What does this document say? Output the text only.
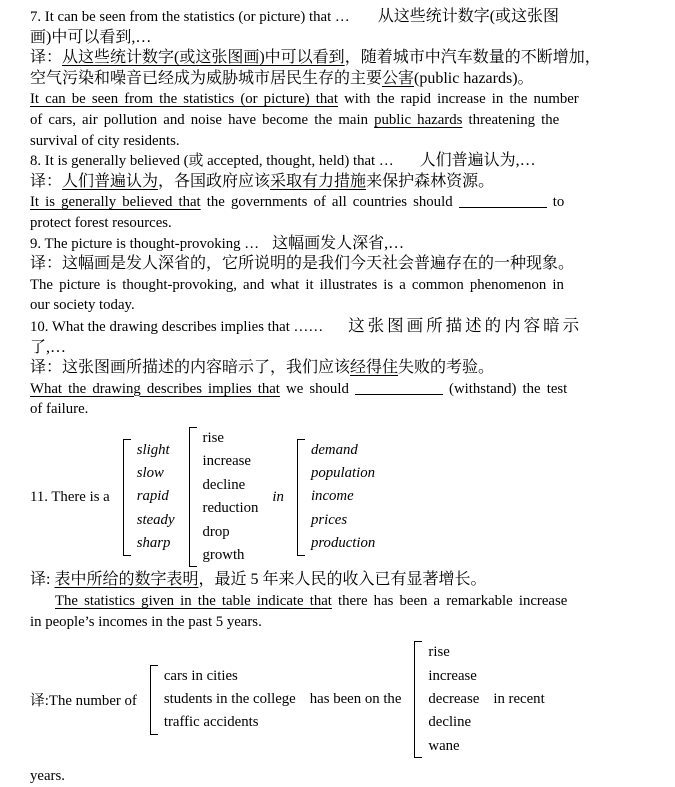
7. It can be seen from the statistics (or picture) that … 从这些统计数字(或这张图
画)中可以看到,…
译：从这些统计数字(或这张图画)中可以看到，随着城市中汽车数量的不断增加，
空气污染和噪音已经成为威胁城市居民生存的主要公害(public hazards)。
It can be seen from the statistics (or picture) that with the rapid increase in the number
of cars, air pollution and noise have become the main public hazards threatening the
survival of city residents.
8. It is generally believed (或 accepted, thought, held) that … 人们普遍认为,…
译：人们普遍认为，各国政府应该采取有力措施来保护森林资源。
It is generally believed that the governments of all countries should	to
protect forest resources.
9. The picture is thought-provoking … 这幅画发人深省,…
译：这幅画是发人深省的，它所说明的是我们今天社会普遍存在的一种现象。
The picture is thought-provoking, and what it illustrates is a common phenomenon in
our society today.
10. What the drawing describes implies that …… 这张图画所描述的内容暗示
了,…
译：这张图画所描述的内容暗示了，我们应该经得住失败的考验。
What the drawing describes implies that we should	(withstand) the test
of failure.
11. There is a
slight
slow
rapid
steady
sharp
rise
increase
decline
reduction
drop
growth
in
demand
population
income
prices
production
译: 表中所给的数字表明，最近 5 年来人民的收入已有显著增长。
The statistics given in the table indicate that there has been a remarkable increase
in people’s incomes in the past 5 years.
译:The number of
cars in cities
students in the college
traffic accidents
has been on the
rise
increase
decrease
decline
wane
in recent
years.
